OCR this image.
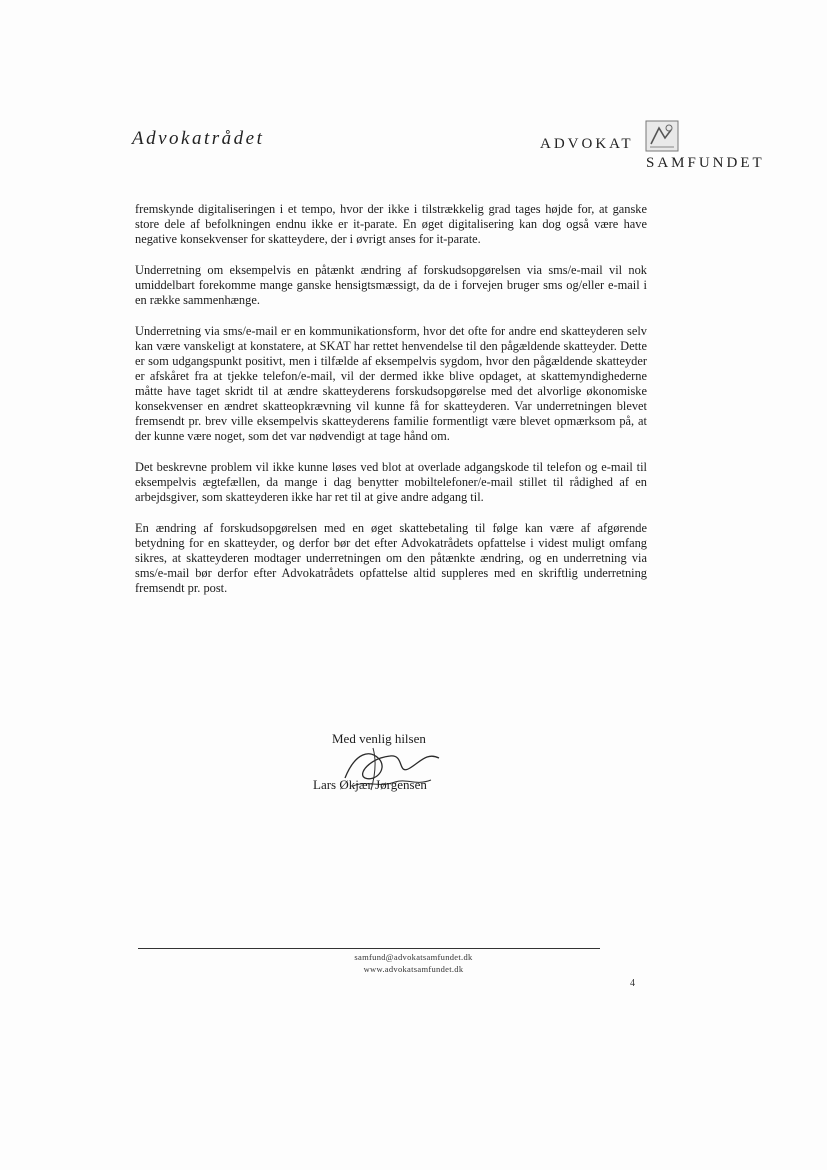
Advokatrådet	ADVOKAT
SAMFUNDET

fremskynde digitaliseringen i et tempo, hvor der ikke i tilstrækkelig grad tages højde for, at ganske store dele af befolkningen endnu ikke er it-parate. En øget digitalisering kan dog også være have negative konsekvenser for skatteydere, der i øvrigt anses for it-parate.

Underretning om eksempelvis en påtænkt ændring af forskudsopgørelsen via sms/e-mail vil nok umiddelbart forekomme mange ganske hensigtsmæssigt, da de i forvejen bruger sms og/eller e-mail i en række sammenhænge.

Underretning via sms/e-mail er en kommunikationsform, hvor det ofte for andre end skatteyderen selv kan være vanskeligt at konstatere, at SKAT har rettet henvendelse til den pågældende skatteyder. Dette er som udgangspunkt positivt, men i tilfælde af eksempelvis sygdom, hvor den pågældende skatteyder er afskåret fra at tjekke telefon/e-mail, vil der dermed ikke blive opdaget, at skattemyndighederne måtte have taget skridt til at ændre skatteyderens forskudsopgørelse med det alvorlige økonomiske konsekvenser en ændret skatteopkrævning vil kunne få for skatteyderen. Var underretningen blevet fremsendt pr. brev ville eksempelvis skatteyderens familie formentligt være blevet opmærksom på, at der kunne være noget, som det var nødvendigt at tage hånd om.

Det beskrevne problem vil ikke kunne løses ved blot at overlade adgangskode til telefon og e-mail til eksempelvis ægtefællen, da mange i dag benytter mobiltelefoner/e-mail stillet til rådighed af en arbejdsgiver, som skatteyderen ikke har ret til at give andre adgang til.

En ændring af forskudsopgørelsen med en øget skattebetaling til følge kan være af afgørende betydning for en skatteyder, og derfor bør det efter Advokatrådets opfattelse i videst muligt omfang sikres, at skatteyderen modtager underretningen om den påtænkte ændring, og en underretning via sms/e-mail bør derfor efter Advokatrådets opfattelse altid suppleres med en skriftlig underretning fremsendt pr. post.

Med venlig hilsen
Lars Økjær Jørgensen
samfund@advokatsamfundet.dk
www.advokatsamfundet.dk
4
